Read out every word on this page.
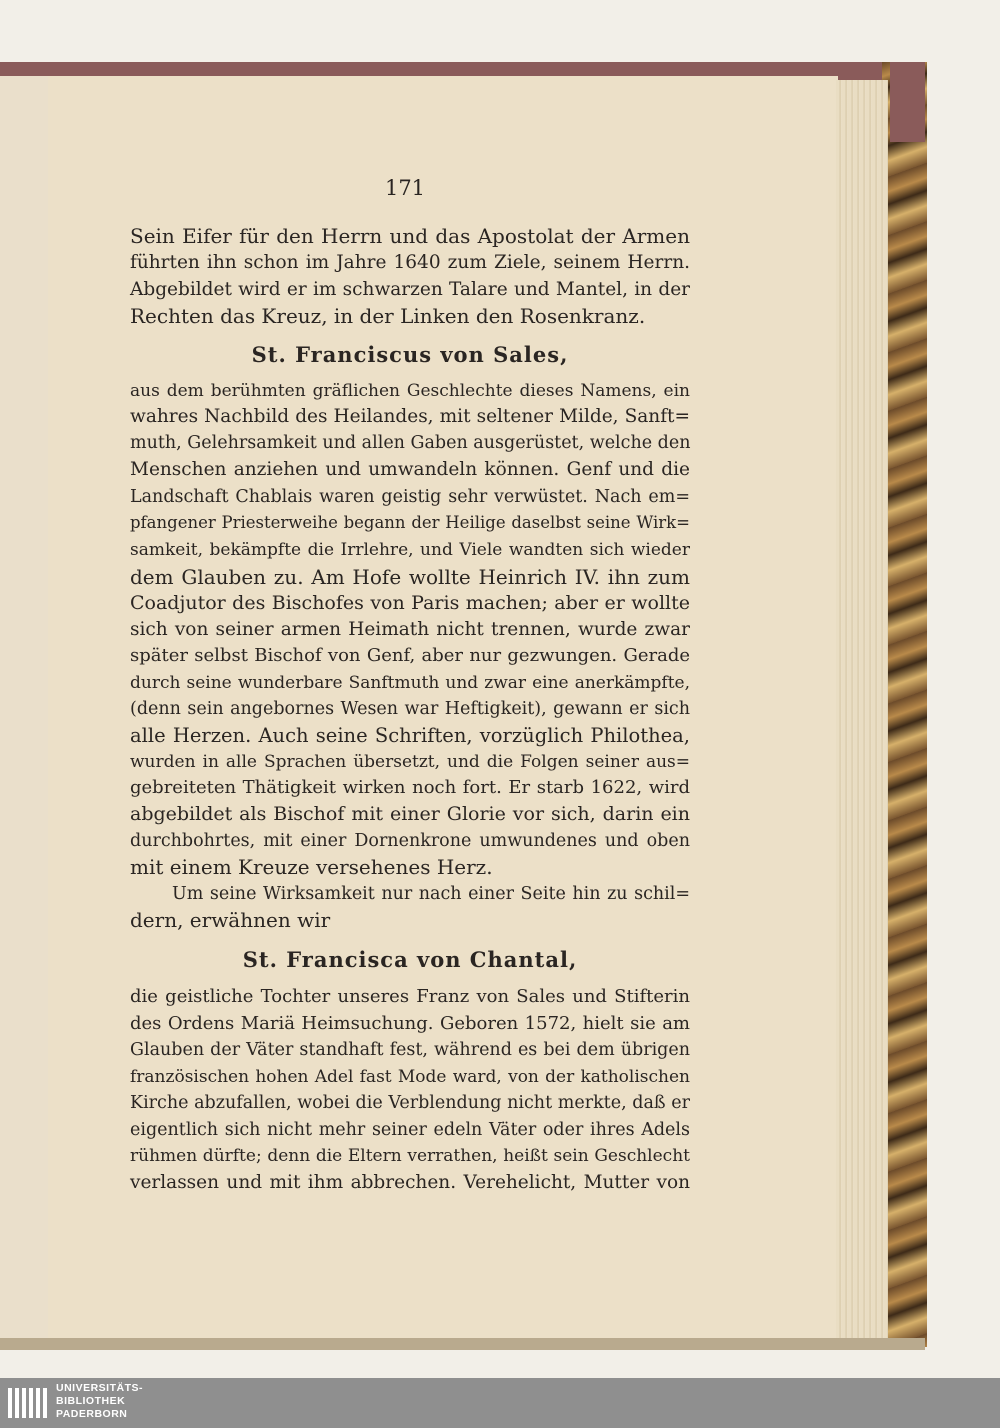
171
Sein Eifer für den Herrn und das Apostolat der Armen
führten ihn schon im Jahre 1640 zum Ziele, seinem Herrn.
Abgebildet wird er im schwarzen Talare und Mantel, in der
Rechten das Kreuz, in der Linken den Rosenkranz.
St. Franciscus von Sales,
aus dem berühmten gräflichen Geschlechte dieses Namens, ein
wahres Nachbild des Heilandes, mit seltener Milde, Sanft=
muth, Gelehrsamkeit und allen Gaben ausgerüstet, welche den
Menschen anziehen und umwandeln können. Genf und die
Landschaft Chablais waren geistig sehr verwüstet. Nach em=
pfangener Priesterweihe begann der Heilige daselbst seine Wirk=
samkeit, bekämpfte die Irrlehre, und Viele wandten sich wieder
dem Glauben zu. Am Hofe wollte Heinrich IV. ihn zum
Coadjutor des Bischofes von Paris machen; aber er wollte
sich von seiner armen Heimath nicht trennen, wurde zwar
später selbst Bischof von Genf, aber nur gezwungen. Gerade
durch seine wunderbare Sanftmuth und zwar eine anerkämpfte,
(denn sein angebornes Wesen war Heftigkeit), gewann er sich
alle Herzen. Auch seine Schriften, vorzüglich Philothea,
wurden in alle Sprachen übersetzt, und die Folgen seiner aus=
gebreiteten Thätigkeit wirken noch fort. Er starb 1622, wird
abgebildet als Bischof mit einer Glorie vor sich, darin ein
durchbohrtes, mit einer Dornenkrone umwundenes und oben
mit einem Kreuze versehenes Herz.
Um seine Wirksamkeit nur nach einer Seite hin zu schil=
dern, erwähnen wir
St. Francisca von Chantal,
die geistliche Tochter unseres Franz von Sales und Stifterin
des Ordens Mariä Heimsuchung. Geboren 1572, hielt sie am
Glauben der Väter standhaft fest, während es bei dem übrigen
französischen hohen Adel fast Mode ward, von der katholischen
Kirche abzufallen, wobei die Verblendung nicht merkte, daß er
eigentlich sich nicht mehr seiner edeln Väter oder ihres Adels
rühmen dürfte; denn die Eltern verrathen, heißt sein Geschlecht
verlassen und mit ihm abbrechen. Verehelicht, Mutter von
UNIVERSITÄTS-
BIBLIOTHEK
PADERBORN
